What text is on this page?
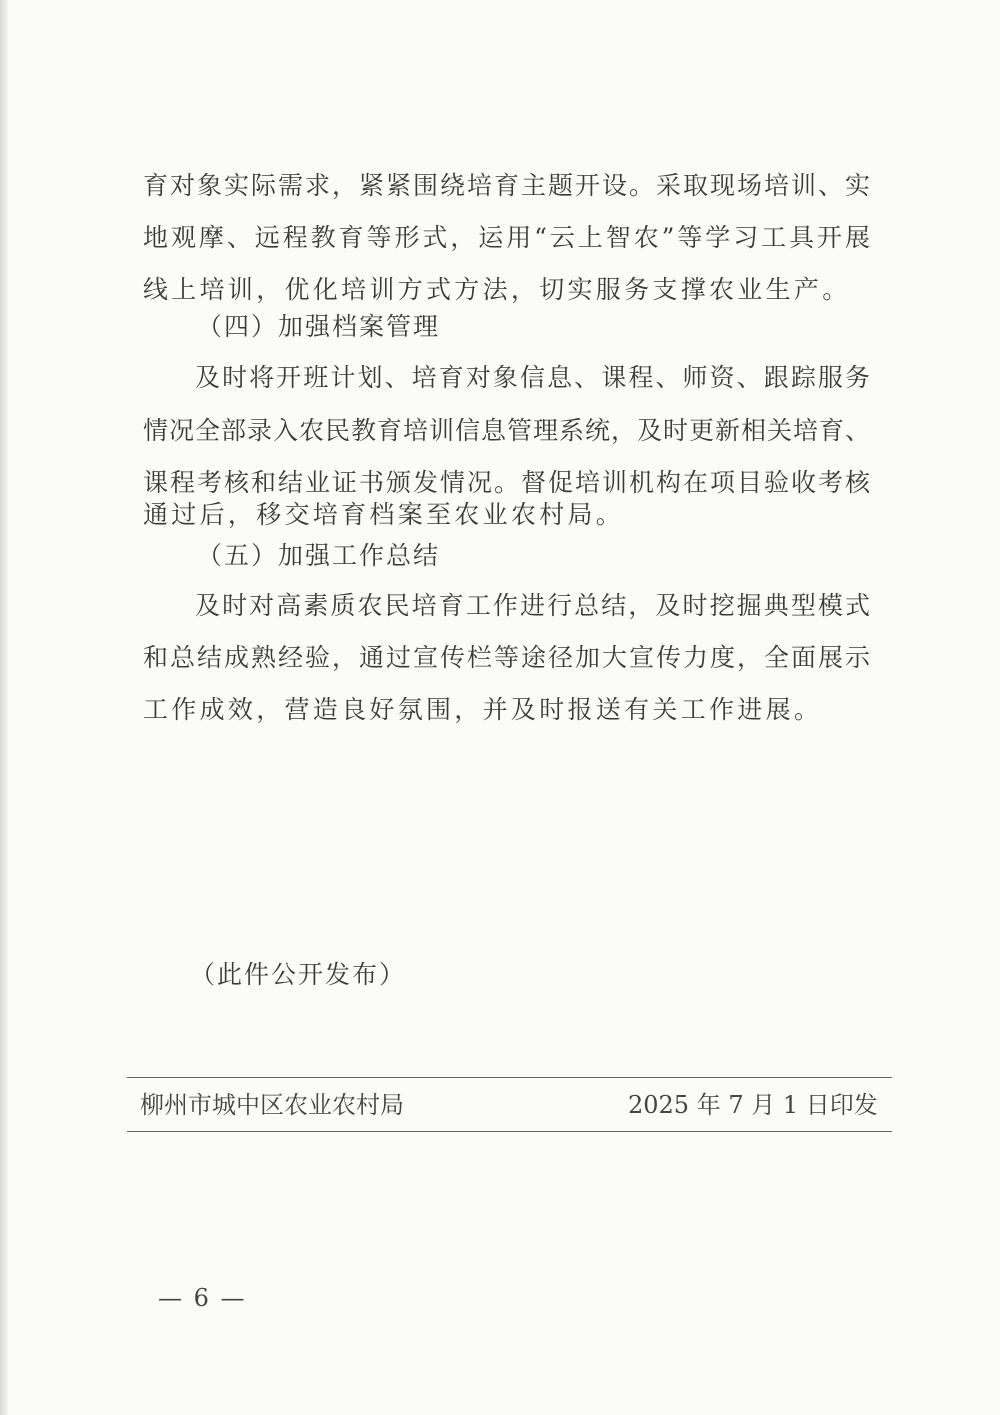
育对象实际需求，紧紧围绕培育主题开设。采取现场培训、实
地观摩、远程教育等形式，运用“云上智农”等学习工具开展
线上培训，优化培训方式方法，切实服务支撑农业生产。
（四）加强档案管理
及时将开班计划、培育对象信息、课程、师资、跟踪服务
情况全部录入农民教育培训信息管理系统，及时更新相关培育、
课程考核和结业证书颁发情况。督促培训机构在项目验收考核
通过后，移交培育档案至农业农村局。
（五）加强工作总结
及时对高素质农民培育工作进行总结，及时挖掘典型模式
和总结成熟经验，通过宣传栏等途径加大宣传力度，全面展示
工作成效，营造良好氛围，并及时报送有关工作进展。
（此件公开发布）
柳州市城中区农业农村局	2025 年 7 月 1 日印发
— 6 —
